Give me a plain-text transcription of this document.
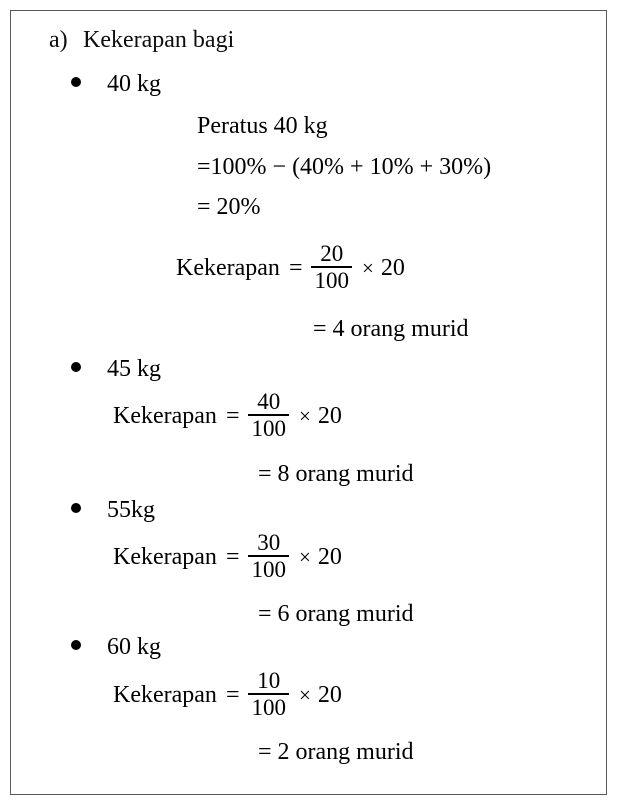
a) Kekerapan bagi
40 kg
Peratus 40 kg
=100% − (40% + 10% + 30%)
= 20%
Kekerapan = $\frac{20}{100} \times 20$
= 4 orang murid
45 kg
Kekerapan = $\frac{40}{100} \times 20$
= 8 orang murid
55kg
Kekerapan = $\frac{30}{100} \times 20$
= 6 orang murid
60 kg
Kekerapan = $\frac{10}{100} \times 20$
= 2 orang murid
